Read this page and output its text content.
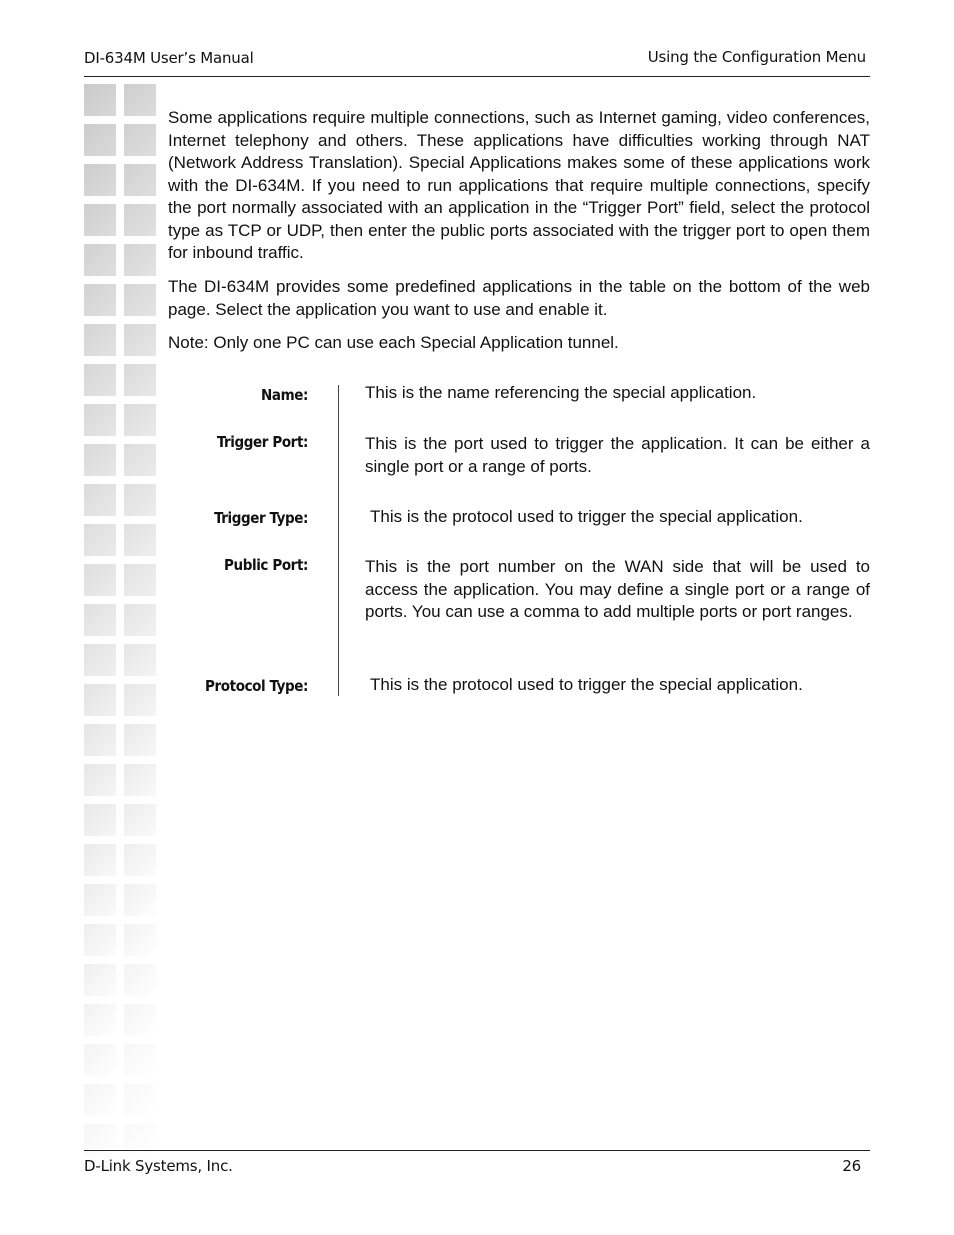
DI-634M User’s Manual	Using the Configuration Menu

Some applications require multiple connections, such as Internet gaming, video conferences, Internet telephony and others. These applications have difficulties working through NAT (Network Address Translation). Special Applications makes some of these applications work with the DI-634M. If you need to run applications that require multiple connections, specify the port normally associated with an application in the “Trigger Port” field, select the protocol type as TCP or UDP, then enter the public ports associated with the trigger port to open them for inbound traffic.

The DI-634M provides some predefined applications in the table on the bottom of the web page. Select the application you want to use and enable it.

Note: Only one PC can use each Special Application tunnel.

Name:	This is the name referencing the special application.
Trigger Port:	This is the port used to trigger the application. It can be either a single port or a range of ports.
Trigger Type:	This is the protocol used to trigger the special application.
Public Port:	This is the port number on the WAN side that will be used to access the application. You may define a single port or a range of ports. You can use a comma to add multiple ports or port ranges.
Protocol Type:	This is the protocol used to trigger the special application.
D-Link Systems, Inc.	26
